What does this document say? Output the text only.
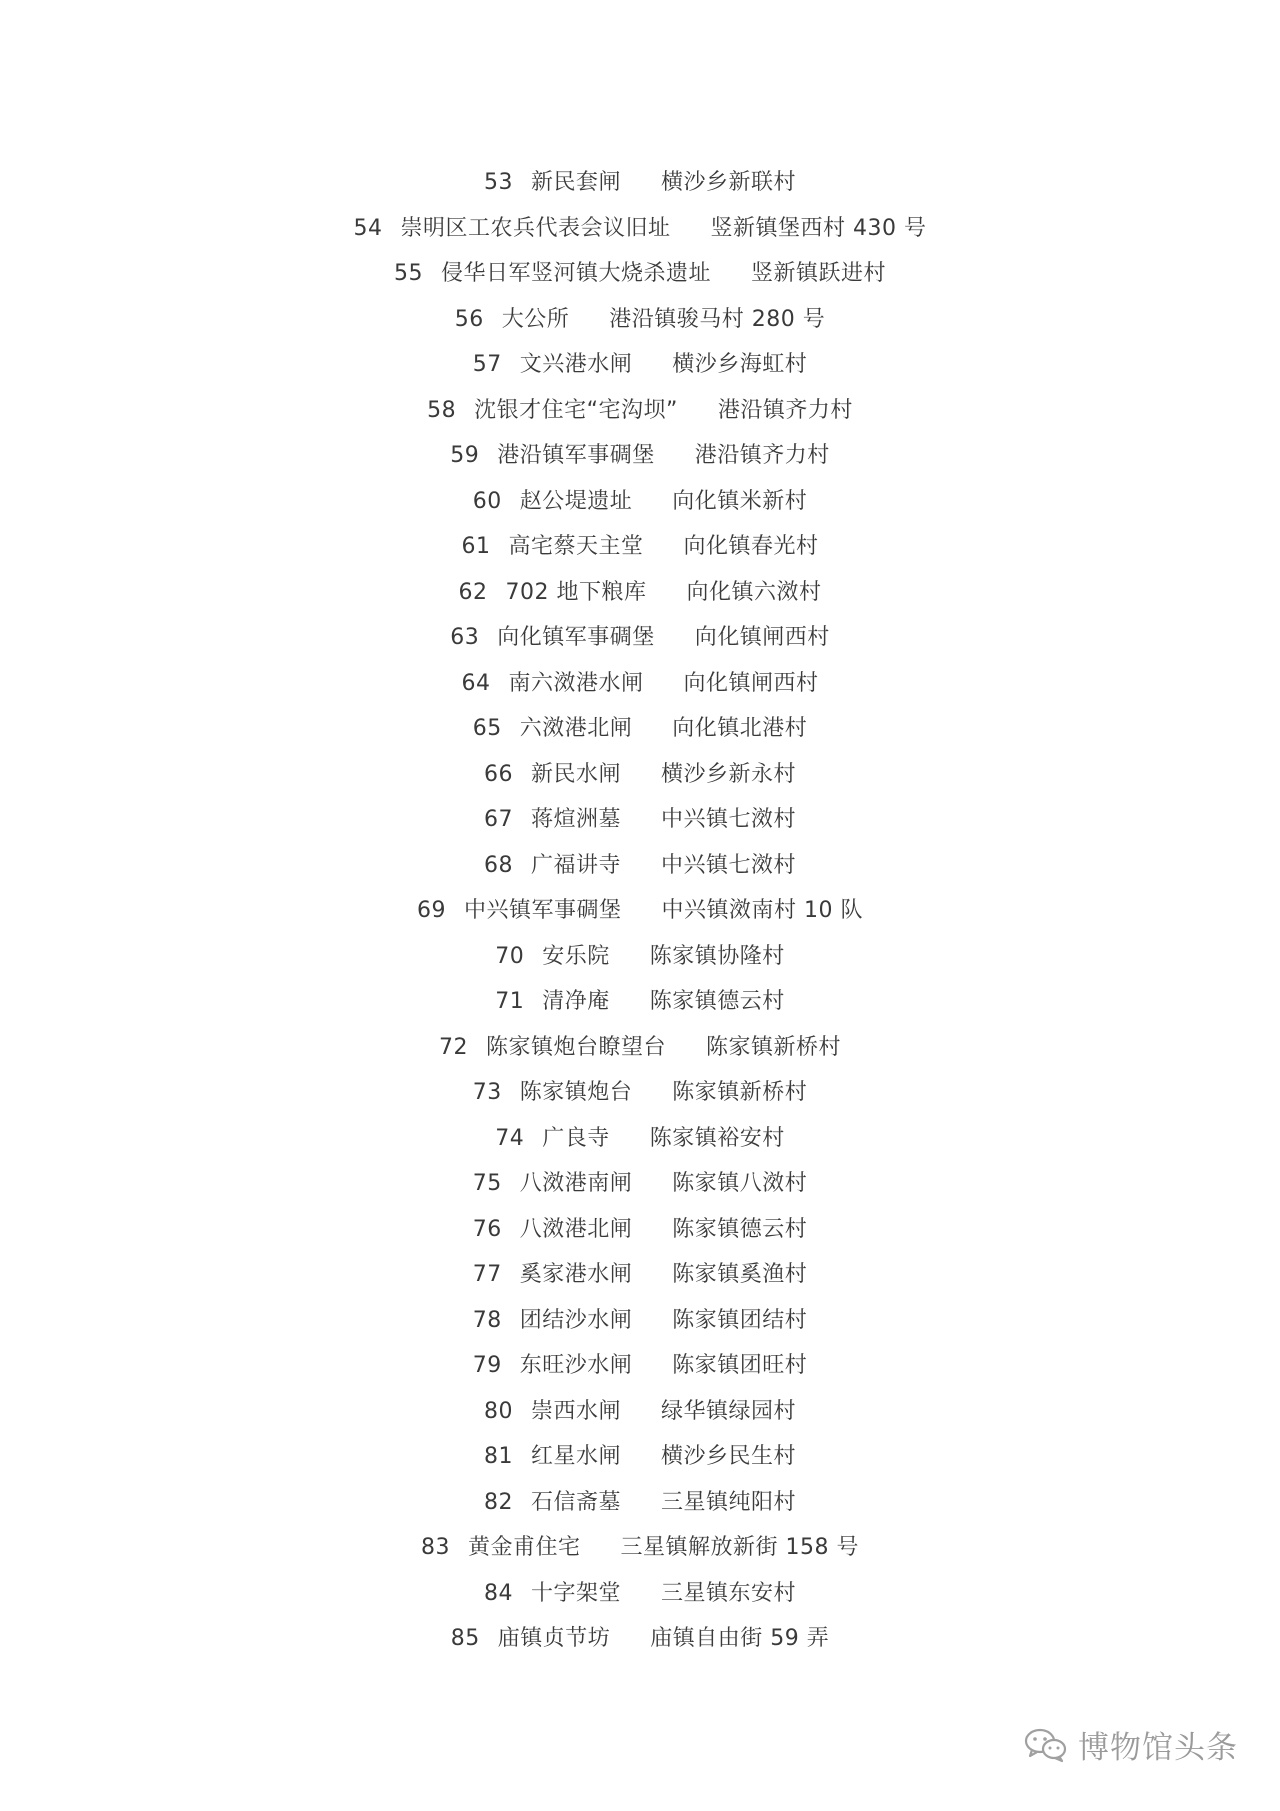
53 新民套闸 横沙乡新联村
54 崇明区工农兵代表会议旧址 竖新镇堡西村 430 号
55 侵华日军竖河镇大烧杀遗址 竖新镇跃进村
56 大公所 港沿镇骏马村 280 号
57 文兴港水闸 横沙乡海虹村
58 沈银才住宅“宅沟坝” 港沿镇齐力村
59 港沿镇军事碉堡 港沿镇齐力村
60 赵公堤遗址 向化镇米新村
61 高宅蔡天主堂 向化镇春光村
62 702 地下粮库 向化镇六滧村
63 向化镇军事碉堡 向化镇闸西村
64 南六滧港水闸 向化镇闸西村
65 六滧港北闸 向化镇北港村
66 新民水闸 横沙乡新永村
67 蒋煊洲墓 中兴镇七滧村
68 广福讲寺 中兴镇七滧村
69 中兴镇军事碉堡 中兴镇滧南村 10 队
70 安乐院 陈家镇协隆村
71 清净庵 陈家镇德云村
72 陈家镇炮台瞭望台 陈家镇新桥村
73 陈家镇炮台 陈家镇新桥村
74 广良寺 陈家镇裕安村
75 八滧港南闸 陈家镇八滧村
76 八滧港北闸 陈家镇德云村
77 奚家港水闸 陈家镇奚渔村
78 团结沙水闸 陈家镇团结村
79 东旺沙水闸 陈家镇团旺村
80 崇西水闸 绿华镇绿园村
81 红星水闸 横沙乡民生村
82 石信斋墓 三星镇纯阳村
83 黄金甫住宅 三星镇解放新街 158 号
84 十字架堂 三星镇东安村
85 庙镇贞节坊 庙镇自由街 59 弄
博物馆头条
